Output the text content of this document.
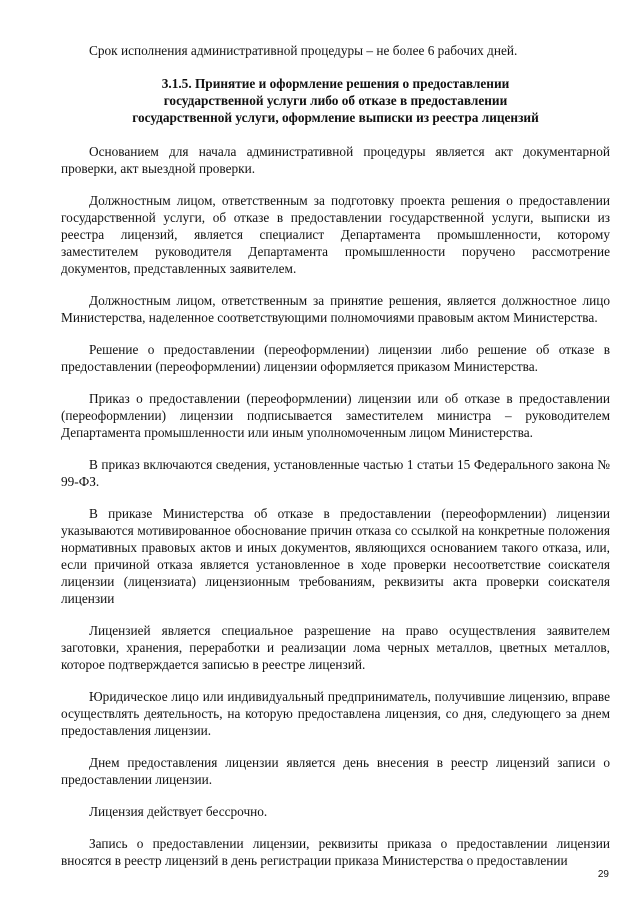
Срок исполнения административной процедуры – не более 6 рабочих дней.

3.1.5. Принятие и оформление решения о предоставлении
государственной услуги либо об отказе в предоставлении
государственной услуги, оформление выписки из реестра лицензий

Основанием для начала административной процедуры является акт документарной проверки, акт выездной проверки.

Должностным лицом, ответственным за подготовку проекта решения о предоставлении государственной услуги, об отказе в предоставлении государственной услуги, выписки из реестра лицензий, является специалист Департамента промышленности, которому заместителем руководителя Департамента промышленности поручено рассмотрение документов, представленных заявителем.

Должностным лицом, ответственным за принятие решения, является должностное лицо Министерства, наделенное соответствующими полномочиями правовым актом Министерства.

Решение о предоставлении (переоформлении) лицензии либо решение об отказе в предоставлении (переоформлении) лицензии оформляется приказом Министерства.

Приказ о предоставлении (переоформлении) лицензии или об отказе в предоставлении (переоформлении) лицензии подписывается заместителем министра – руководителем Департамента промышленности или иным уполномоченным лицом Министерства.

В приказ включаются сведения, установленные частью 1 статьи 15 Федерального закона № 99-ФЗ.

В приказе Министерства об отказе в предоставлении (переоформлении) лицензии указываются мотивированное обоснование причин отказа со ссылкой на конкретные положения нормативных правовых актов и иных документов, являющихся основанием такого отказа, или, если причиной отказа является установленное в ходе проверки несоответствие соискателя лицензии (лицензиата) лицензионным требованиям, реквизиты акта проверки соискателя лицензии

Лицензией является специальное разрешение на право осуществления заявителем заготовки, хранения, переработки и реализации лома черных металлов, цветных металлов, которое подтверждается записью в реестре лицензий.

Юридическое лицо или индивидуальный предприниматель, получившие лицензию, вправе осуществлять деятельность, на которую предоставлена лицензия, со дня, следующего за днем предоставления лицензии.

Днем предоставления лицензии является день внесения в реестр лицензий записи о предоставлении лицензии.

Лицензия действует бессрочно.

Запись о предоставлении лицензии, реквизиты приказа о предоставлении лицензии вносятся в реестр лицензий в день регистрации приказа Министерства о предоставлении

29
